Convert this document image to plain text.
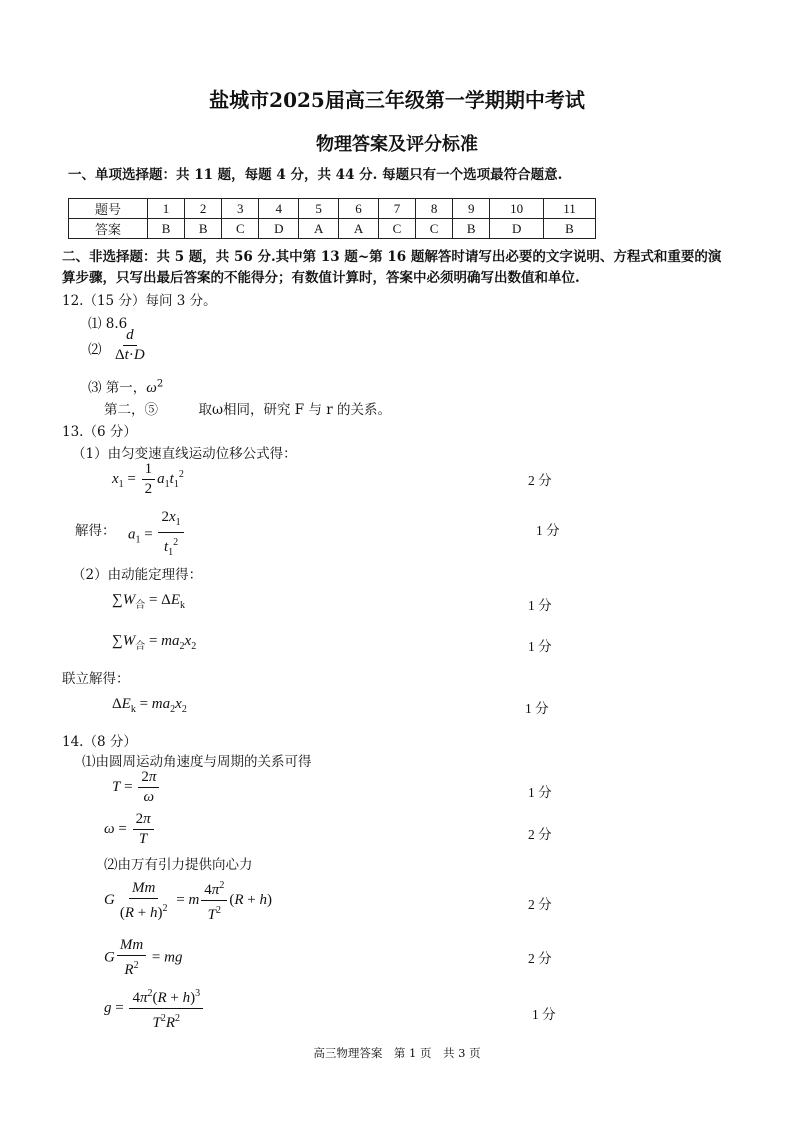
盐城市2025届高三年级第一学期期中考试
物理答案及评分标准
一、单项选择题：共 11 题，每题 4 分，共 44 分. 每题只有一个选项最符合题意.
题号	1	2	3	4	5	6	7	8	9	10	11
答案	B	B	C	D	A	A	C	C	B	D	B
二、非选择题：共 5 题，共 56 分.其中第 13 题~第 16 题解答时请写出必要的文字说明、方程式和重要的演
算步骤，只写出最后答案的不能得分；有数值计算时，答案中必须明确写出数值和单位.
12.（15 分）每问 3 分。
⑴ 8.6
⑵ $\frac{d}{\Delta t\cdot D}$
⑶ 第一，$\omega^2$
第二，⑤　　　取ω相同，研究 F 与 r 的关系。
13.（6 分）
（1）由匀变速直线运动位移公式得：
$x_1 = \frac{1}{2} a_1t_1^2$	2 分
解得： $a_1 = \frac{2x_1}{t_1^2}$	1 分
（2）由动能定理得：
$\sum W_合 = \Delta E_k$	1 分
$\sum W_合 = ma_2x_2$	1 分
联立解得：
$\Delta E_k = ma_2x_2$	1 分
14.（8 分）
⑴由圆周运动角速度与周期的关系可得
$T = \frac{2\pi}{\omega}$	1 分
$\omega = \frac{2\pi}{T}$	2 分
⑵由万有引力提供向心力
G $\frac{Mm}{(R + h)^2} = m \frac{4\pi^2}{T^2} (R + h)$	2 分
G $\frac{Mm}{R^2}$ = mg	2 分
$g = \frac{4\pi^2(R + h)^3}{T^2R^2}$	1 分
高三物理答案　第 1 页　共 3 页
